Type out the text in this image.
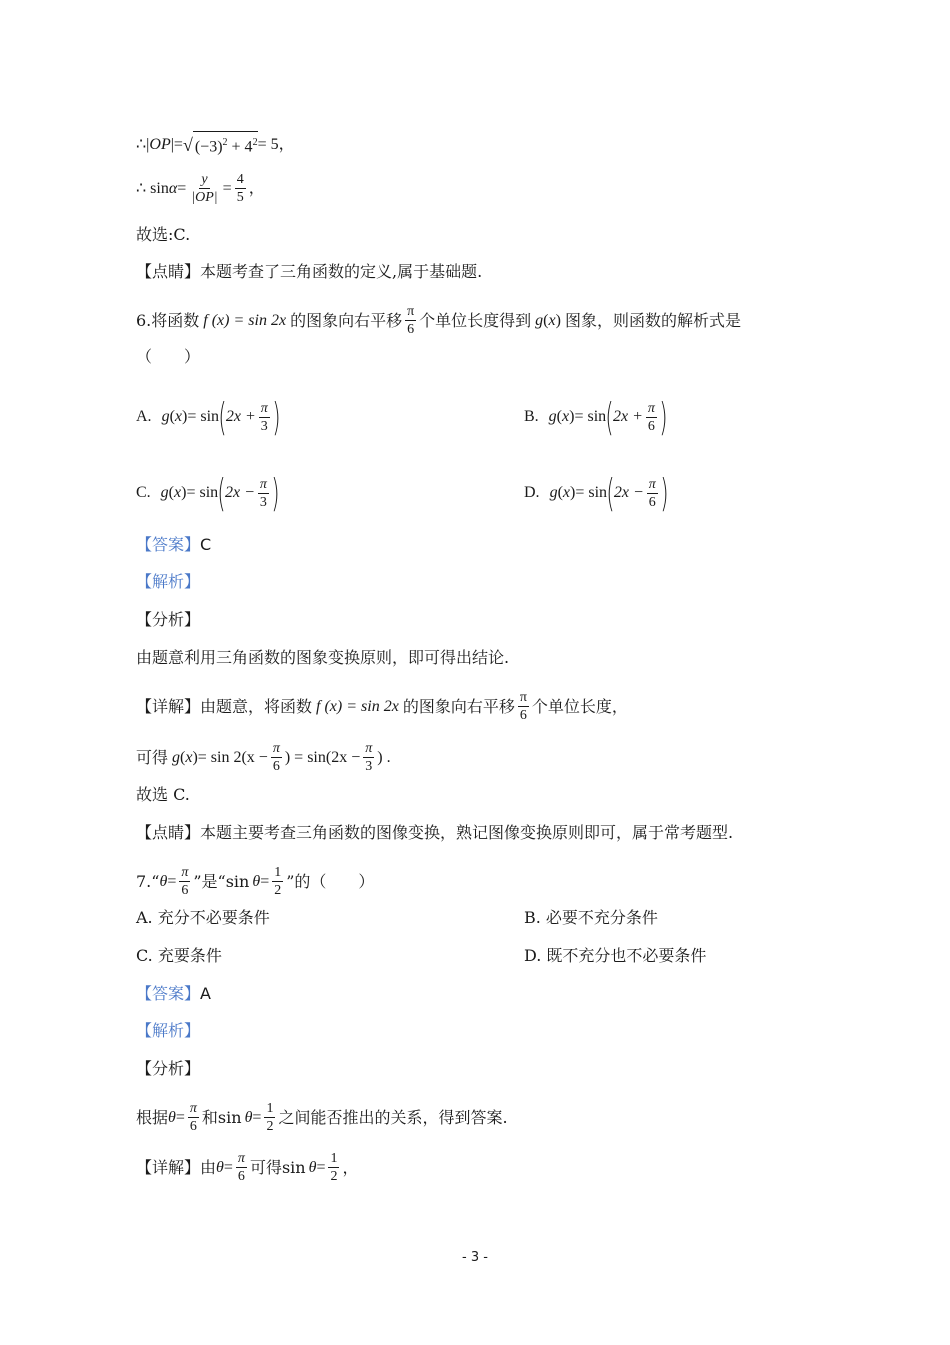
∴| OP |= √ $(-3)^2 + 4^2 = 5$，
∴ $\sin \alpha = \frac{y}{|OP|} = \frac{4}{5}$ ，
故选:C.
【点睛】 本题考查了三角函数的定义,属于基础题.
6.将函数 f (x) = sin 2x 的图象向右平移 $\frac{\pi}{6}$ 个单位长度得到 g ( x ) 图象，则函数的解析式是
（　　）
A. g ( x ) = sin ( $2x + \frac{\pi}{3}$ )	B. g ( x ) = sin ( $2x + \frac{\pi}{6}$ )
C. g ( x ) = sin ( $2x - \frac{\pi}{3}$ )	D. g ( x ) = sin ( $2x - \frac{\pi}{6}$ )
【答案】 C
【解析】
【分析】
由题意利用三角函数的图象变换原则，即可得出结论.
【详解】 由题意，将函数 f (x) = sin 2x 的图象向右平移 $\frac{\pi}{6}$ 个单位长度，
可得 g ( x ) = $\sin 2(x - \frac{\pi}{6}$ ) = $\sin(2x - \frac{\pi}{3}$ ) .
故选 C.
【点睛】 本题主要考查三角函数的图像变换，熟记图像变换原则即可，属于常考题型.
7.“ $\theta = \frac{\pi}{6}$ ”是“sin $\theta = \frac{1}{2}$ ”的（　　）
A. 充分不必要条件	B. 必要不充分条件
C. 充要条件	D. 既不充分也不必要条件
【答案】 A
【解析】
【分析】
根据 $\theta = \frac{\pi}{6}$ 和$\sin \theta = \frac{1}{2}$ 之间能否推出的关系，得到答案.
【详解】 由 $\theta = \frac{\pi}{6}$ 可得$\sin \theta = \frac{1}{2}$ ，
- 3 -
